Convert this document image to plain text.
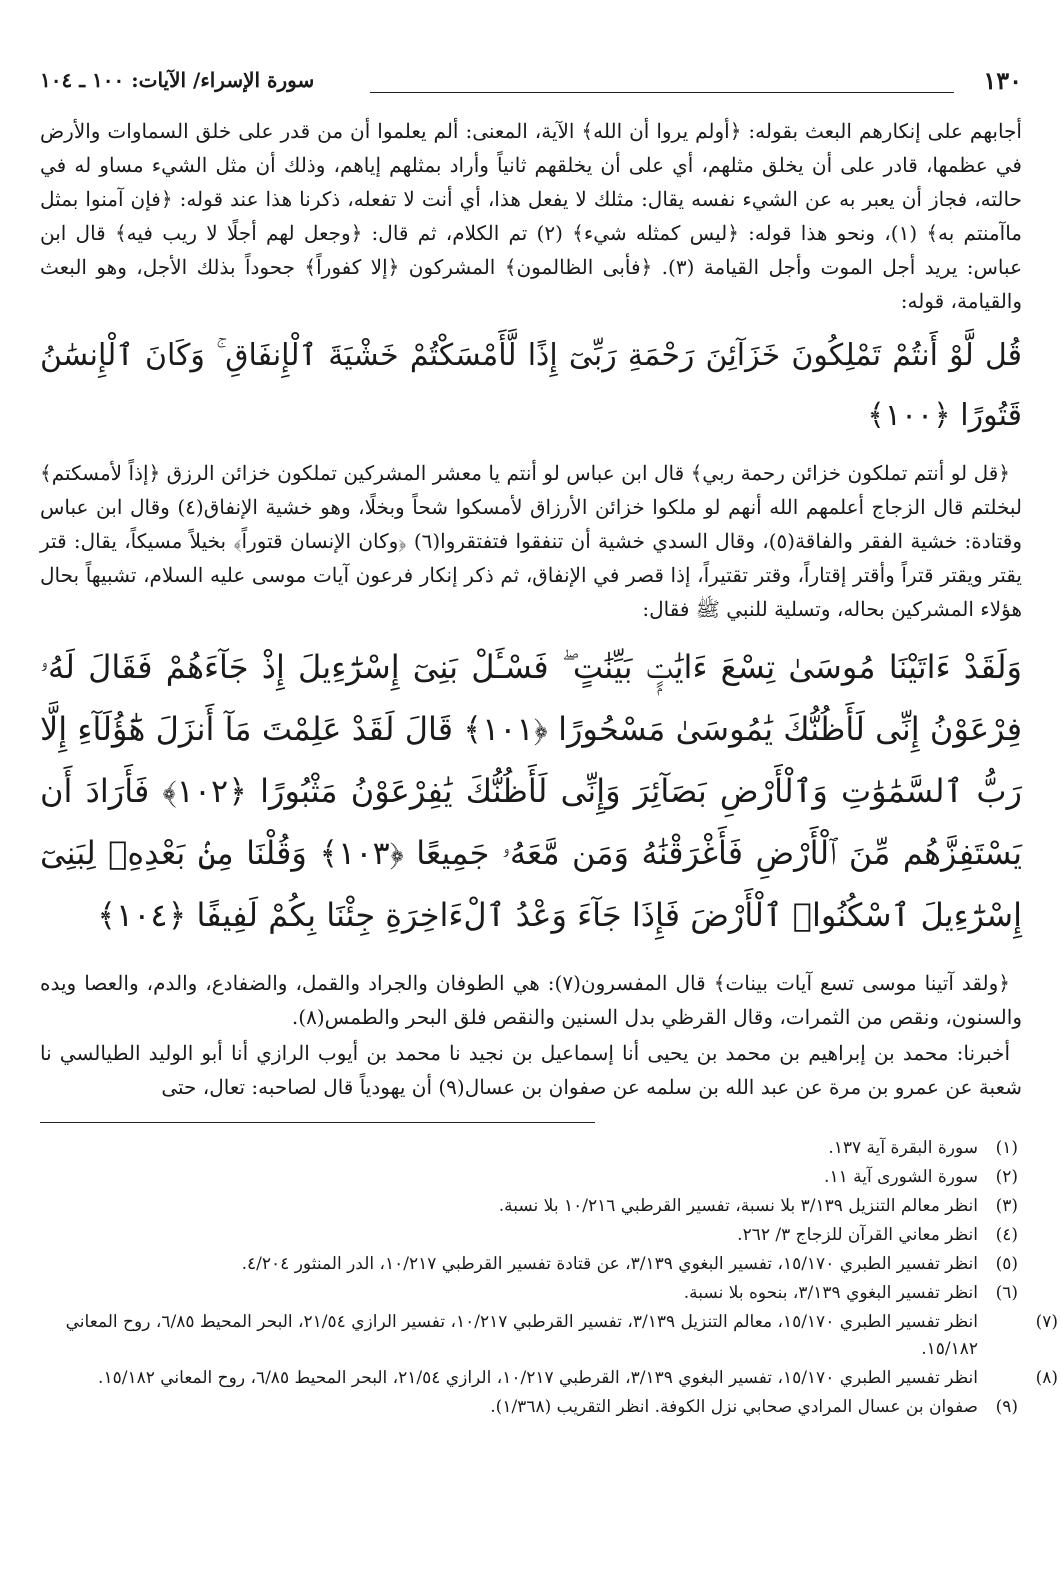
١٣٠
سورة الإسراء/ الآيات: ١٠٠ ـ ١٠٤

أجابهم على إنكارهم البعث بقوله: ﴿أولم يروا أن الله﴾ الآية، المعنى: ألم يعلموا أن من قدر على خلق السماوات والأرض في عظمها، قادر على أن يخلق مثلهم، أي على أن يخلقهم ثانياً وأراد بمثلهم إياهم، وذلك أن مثل الشيء مساو له في حالته، فجاز أن يعبر به عن الشيء نفسه يقال: مثلك لا يفعل هذا، أي أنت لا تفعله، ذكرنا هذا عند قوله: ﴿فإن آمنوا بمثل ماآمنتم به﴾ (١)، ونحو هذا قوله: ﴿ليس كمثله شيء﴾ (٢) تم الكلام، ثم قال: ﴿وجعل لهم أجلًا لا ريب فيه﴾ قال ابن عباس: يريد أجل الموت وأجل القيامة (٣). ﴿فأبى الظالمون﴾ المشركون ﴿إلا كفوراً﴾ جحوداً بذلك الأجل، وهو البعث والقيامة، قوله:

قُل لَّوْ أَنتُمْ تَمْلِكُونَ خَزَآئِنَ رَحْمَةِ رَبِّىٓ إِذًا لَّأَمْسَكْتُمْ خَشْيَةَ ٱلْإِنفَاقِ ۚ وَكَانَ ٱلْإِنسَٰنُ قَتُورًا ﴿١٠٠﴾

﴿قل لو أنتم تملكون خزائن رحمة ربي﴾ قال ابن عباس لو أنتم يا معشر المشركين تملكون خزائن الرزق ﴿إذاً لأمسكتم﴾ لبخلتم قال الزجاج أعلمهم الله أنهم لو ملكوا خزائن الأرزاق لأمسكوا شحاً وبخلًا، وهو خشية الإنفاق(٤) وقال ابن عباس وقتادة: خشية الفقر والفاقة(٥)، وقال السدي خشية أن تنفقوا فتفتقروا(٦) ﴿وكان الإنسان قتوراً﴾ بخيلاً مسيكاً، يقال: قتر يقتر ويقتر قتراً وأقتر إقتاراً، وقتر تقتيراً، إذا قصر في الإنفاق، ثم ذكر إنكار فرعون آيات موسى عليه السلام، تشبيهاً بحال هؤلاء المشركين بحاله، وتسلية للنبي ﷺ فقال:

وَلَقَدْ ءَاتَيْنَا مُوسَىٰ تِسْعَ ءَايَٰتٍۭ بَيِّنَٰتٍ ۖ فَسْـَٔلْ بَنِىٓ إِسْرَٰٓءِيلَ إِذْ جَآءَهُمْ فَقَالَ لَهُۥ فِرْعَوْنُ إِنِّى لَأَظُنُّكَ يَٰمُوسَىٰ مَسْحُورًا ﴿١٠١﴾ قَالَ لَقَدْ عَلِمْتَ مَآ أَنزَلَ هَٰٓؤُلَآءِ إِلَّا رَبُّ ٱلسَّمَٰوَٰتِ وَٱلْأَرْضِ بَصَآئِرَ وَإِنِّى لَأَظُنُّكَ يَٰفِرْعَوْنُ مَثْبُورًا ﴿١٠٢﴾ فَأَرَادَ أَن يَسْتَفِزَّهُم مِّنَ ٱلْأَرْضِ فَأَغْرَقْنَٰهُ وَمَن مَّعَهُۥ جَمِيعًا ﴿١٠٣﴾ وَقُلْنَا مِنۢ بَعْدِهِۦ لِبَنِىٓ إِسْرَٰٓءِيلَ ٱسْكُنُوا۟ ٱلْأَرْضَ فَإِذَا جَآءَ وَعْدُ ٱلْءَاخِرَةِ جِئْنَا بِكُمْ لَفِيفًا ﴿١٠٤﴾

﴿ولقد آتينا موسى تسع آيات بينات﴾ قال المفسرون(٧): هي الطوفان والجراد والقمل، والضفادع، والدم، والعصا ويده والسنون، ونقص من الثمرات، وقال القرظي بدل السنين والنقص فلق البحر والطمس(٨).

أخبرنا: محمد بن إبراهيم بن محمد بن يحيى أنا إسماعيل بن نجيد نا محمد بن أيوب الرازي أنا أبو الوليد الطيالسي نا شعبة عن عمرو بن مرة عن عبد الله بن سلمه عن صفوان بن عسال(٩) أن يهودياً قال لصاحبه: تعال، حتى

(١)سورة البقرة آية ١٣٧.

(٢)سورة الشورى آية ١١.

(٣)انظر معالم التنزيل ٣/١٣٩ بلا نسبة، تفسير القرطبي ١٠/٢١٦ بلا نسبة.

(٤)انظر معاني القرآن للزجاج ٣/ ٢٦٢.

(٥)انظر تفسير الطبري ١٥/١٧٠، تفسير البغوي ٣/١٣٩، عن قتادة تفسير القرطبي ١٠/٢١٧، الدر المنثور ٤/٢٠٤.

(٦)انظر تفسير البغوي ٣/١٣٩، بنحوه بلا نسبة.

(٧)انظر تفسير الطبري ١٥/١٧٠، معالم التنزيل ٣/١٣٩، تفسير القرطبي ١٠/٢١٧، تفسير الرازي ٢١/٥٤، البحر المحيط ٦/٨٥، روح المعاني ١٥/١٨٢.

(٨)انظر تفسير الطبري ١٥/١٧٠، تفسير البغوي ٣/١٣٩، القرطبي ١٠/٢١٧، الرازي ٢١/٥٤، البحر المحيط ٦/٨٥، روح المعاني ١٥/١٨٢.

(٩)صفوان بن عسال المرادي صحابي نزل الكوفة. انظر التقريب (١/٣٦٨).
